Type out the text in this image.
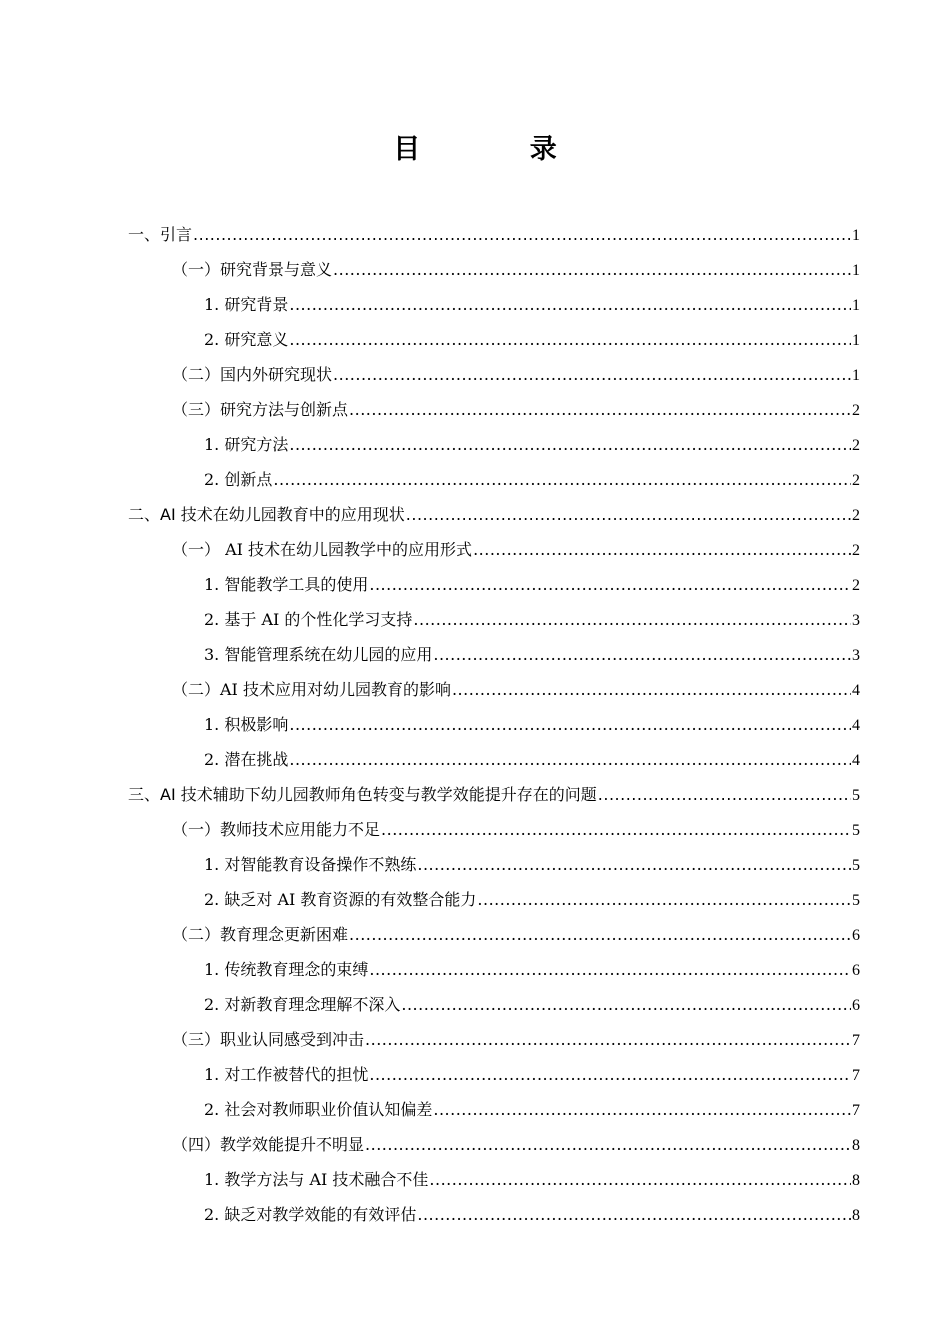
目 录
一、引言 .....	1
（一）研究背景与意义 .....	1
1. 研究背景 .....	1
2. 研究意义 .....	1
（二）国内外研究现状 .....	1
（三）研究方法与创新点 .....	2
1. 研究方法 .....	2
2. 创新点 .....	2
二、AI 技术在幼儿园教育中的应用现状 .....	2
（一） AI 技术在幼儿园教学中的应用形式 .....	2
1. 智能教学工具的使用 .....	2
2. 基于 AI 的个性化学习支持 .....	3
3. 智能管理系统在幼儿园的应用 .....	3
（二）AI 技术应用对幼儿园教育的影响 .....	4
1. 积极影响 .....	4
2. 潜在挑战 .....	4
三、AI 技术辅助下幼儿园教师角色转变与教学效能提升存在的问题 .....	5
（一）教师技术应用能力不足 .....	5
1. 对智能教育设备操作不熟练 .....	5
2. 缺乏对 AI 教育资源的有效整合能力 .....	5
（二）教育理念更新困难 .....	6
1. 传统教育理念的束缚 .....	6
2. 对新教育理念理解不深入 .....	6
（三）职业认同感受到冲击 .....	7
1. 对工作被替代的担忧 .....	7
2. 社会对教师职业价值认知偏差 .....	7
（四）教学效能提升不明显 .....	8
1. 教学方法与 AI 技术融合不佳 .....	8
2. 缺乏对教学效能的有效评估 .....	8
